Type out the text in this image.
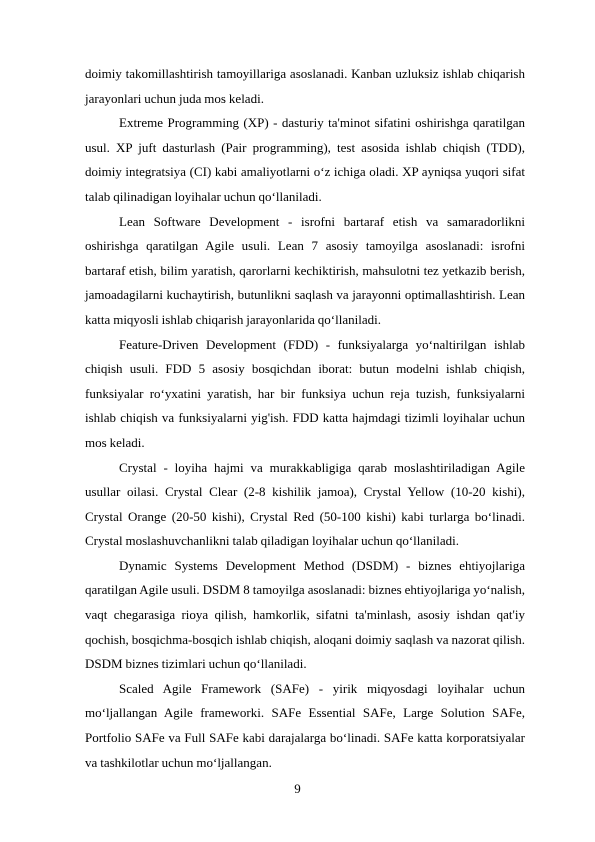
doimiy takomillashtirish tamoyillariga asoslanadi. Kanban uzluksiz ishlab chiqarish jarayonlari uchun juda mos keladi.

Extreme Programming (XP) - dasturiy ta'minot sifatini oshirishga qaratilgan usul. XP juft dasturlash (Pair programming), test asosida ishlab chiqish (TDD), doimiy integratsiya (CI) kabi amaliyotlarni o‘z ichiga oladi. XP ayniqsa yuqori sifat talab qilinadigan loyihalar uchun qo‘llaniladi.

Lean Software Development - isrofni bartaraf etish va samaradorlikni oshirishga qaratilgan Agile usuli. Lean 7 asosiy tamoyilga asoslanadi: isrofni bartaraf etish, bilim yaratish, qarorlarni kechiktirish, mahsulotni tez yetkazib berish, jamoadagilarni kuchaytirish, butunlikni saqlash va jarayonni optimallashtirish. Lean katta miqyosli ishlab chiqarish jarayonlarida qo‘llaniladi.

Feature-Driven Development (FDD) - funksiyalarga yo‘naltirilgan ishlab chiqish usuli. FDD 5 asosiy bosqichdan iborat: butun modelni ishlab chiqish, funksiyalar ro‘yxatini yaratish, har bir funksiya uchun reja tuzish, funksiyalarni ishlab chiqish va funksiyalarni yig'ish. FDD katta hajmdagi tizimli loyihalar uchun mos keladi.

Crystal - loyiha hajmi va murakkabligiga qarab moslashtiriladigan Agile usullar oilasi. Crystal Clear (2-8 kishilik jamoa), Crystal Yellow (10-20 kishi), Crystal Orange (20-50 kishi), Crystal Red (50-100 kishi) kabi turlarga bo‘linadi. Crystal moslashuvchanlikni talab qiladigan loyihalar uchun qo‘llaniladi.

Dynamic Systems Development Method (DSDM) - biznes ehtiyojlariga qaratilgan Agile usuli. DSDM 8 tamoyilga asoslanadi: biznes ehtiyojlariga yo‘nalish, vaqt chegarasiga rioya qilish, hamkorlik, sifatni ta'minlash, asosiy ishdan qat'iy qochish, bosqichma-bosqich ishlab chiqish, aloqani doimiy saqlash va nazorat qilish. DSDM biznes tizimlari uchun qo‘llaniladi.

Scaled Agile Framework (SAFe) - yirik miqyosdagi loyihalar uchun mo‘ljallangan Agile frameworki. SAFe Essential SAFe, Large Solution SAFe, Portfolio SAFe va Full SAFe kabi darajalarga bo‘linadi. SAFe katta korporatsiyalar va tashkilotlar uchun mo‘ljallangan.

9
